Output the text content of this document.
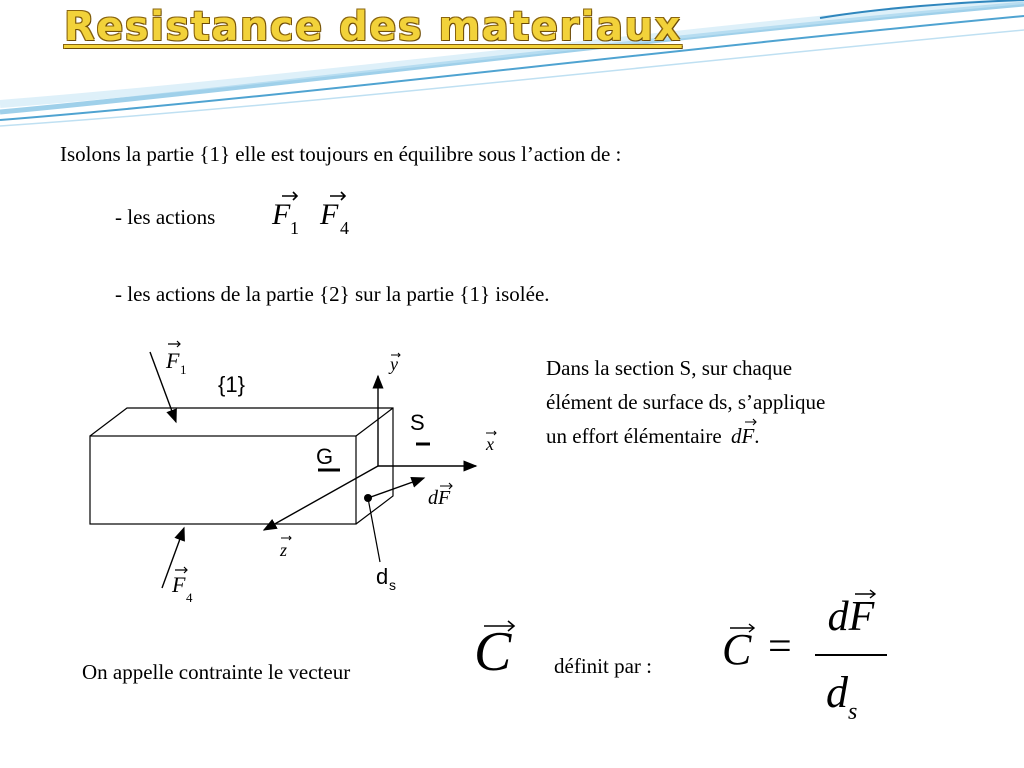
Resistance des materiaux
Isolons la partie {1} elle est toujours en équilibre sous l’action de :
- les actions F 1 F 4
- les actions de la partie {2} sur la partie {1} isolée.
F 1
{1}
y
S
x
G
dF
z
F
4
d s
Dans la section S, sur chaque
élément de surface ds, s’applique
un effort élémentaire dF
.
On appelle contrainte le vecteur C définit par : C =
dF
$d_s$
